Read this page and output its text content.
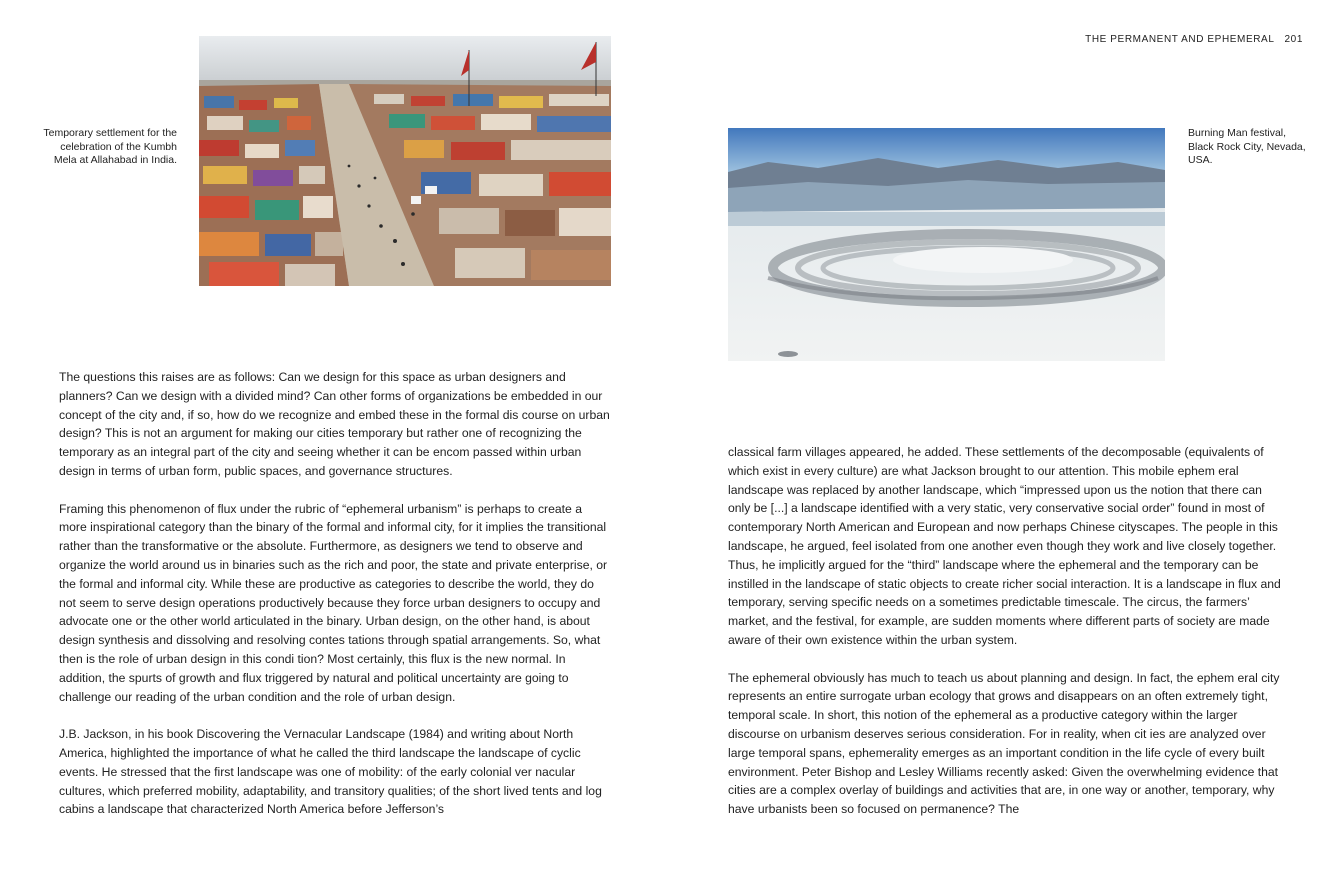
Temporary settlement for the celebration of the Kumbh Mela at Allahabad in India.

The questions this raises are as follows: Can we design for this space as urban designers and planners? Can we design with a divided mind? Can other forms of organizations be embedded in our concept of the city and, if so, how do we recognize and embed these in the formal dis course on urban design? This is not an argument for making our cities temporary but rather one of recognizing the temporary as an integral part of the city and seeing whether it can be encom passed within urban design in terms of urban form, public spaces, and governance structures.

Framing this phenomenon of flux under the rubric of “ephemeral urbanism” is perhaps to create a more inspirational category than the binary of the formal and informal city, for it implies the transitional rather than the transformative or the absolute. Furthermore, as designers we tend to observe and organize the world around us in binaries such as the rich and poor, the state and private enterprise, or the formal and informal city. While these are productive as categories to describe the world, they do not seem to serve design operations productively because they force urban designers to occupy and advocate one or the other world articulated in the binary. Urban design, on the other hand, is about design synthesis and dissolving and resolving contes tations through spatial arrangements. So, what then is the role of urban design in this condi tion? Most certainly, this flux is the new normal. In addition, the spurts of growth and flux triggered by natural and political uncertainty are going to challenge our reading of the urban condition and the role of urban design.

J.B. Jackson, in his book Discovering the Vernacular Landscape (1984) and writing about North America, highlighted the importance of what he called the third landscape the landscape of cyclic events. He stressed that the first landscape was one of mobility: of the early colonial ver nacular cultures, which preferred mobility, adaptability, and transitory qualities; of the short lived tents and log cabins a landscape that characterized North America before Jefferson’s

THE PERMANENT AND EPHEMERAL 201
Burning Man festival, Black Rock City, Nevada, USA.

classical farm villages appeared, he added. These settlements of the decomposable (equivalents of which exist in every culture) are what Jackson brought to our attention. This mobile ephem eral landscape was replaced by another landscape, which “impressed upon us the notion that there can only be [...] a landscape identified with a very static, very conservative social order” found in most of contemporary North American and European and now perhaps Chinese cityscapes. The people in this landscape, he argued, feel isolated from one another even though they work and live closely together. Thus, he implicitly argued for the “third” landscape where the ephemeral and the temporary can be instilled in the landscape of static objects to create richer social interaction. It is a landscape in flux and temporary, serving specific needs on a sometimes predictable timescale. The circus, the farmers’ market, and the festival, for example, are sudden moments where different parts of society are made aware of their own existence within the urban system.

The ephemeral obviously has much to teach us about planning and design. In fact, the ephem eral city represents an entire surrogate urban ecology that grows and disappears on an often extremely tight, temporal scale. In short, this notion of the ephemeral as a productive category within the larger discourse on urbanism deserves serious consideration. For in reality, when cit ies are analyzed over large temporal spans, ephemerality emerges as an important condition in the life cycle of every built environment. Peter Bishop and Lesley Williams recently asked: Given the overwhelming evidence that cities are a complex overlay of buildings and activities that are, in one way or another, temporary, why have urbanists been so focused on permanence? The
